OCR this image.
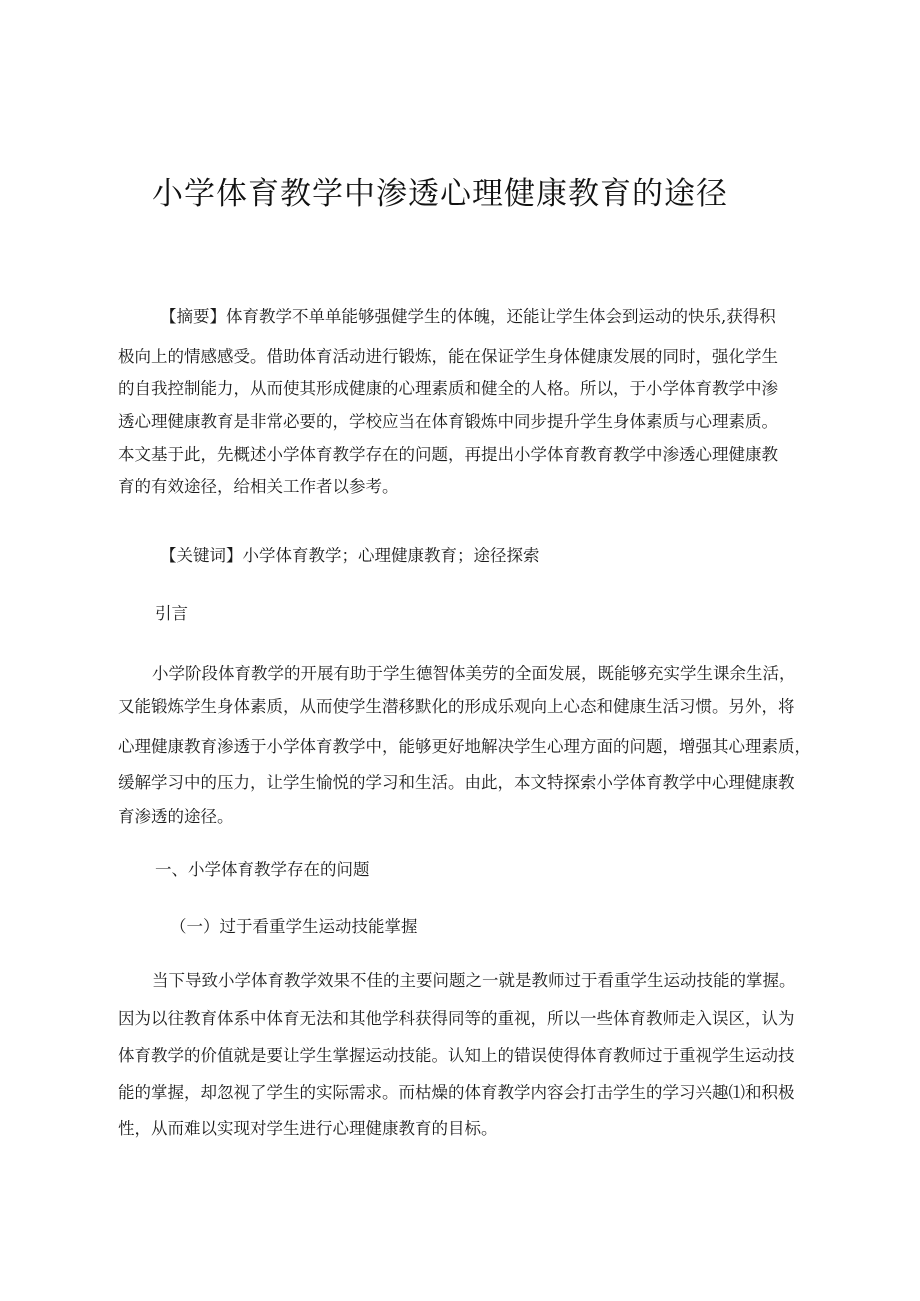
小学体育教学中渗透心理健康教育的途径
【摘要】体育教学不单单能够强健学生的体魄，还能让学生体会到运动的快乐,获得积
极向上的情感感受。借助体育活动进行锻炼，能在保证学生身体健康发展的同时，强化学生
的自我控制能力，从而使其形成健康的心理素质和健全的人格。所以，于小学体育教学中渗
透心理健康教育是非常必要的，学校应当在体育锻炼中同步提升学生身体素质与心理素质。
本文基于此，先概述小学体育教学存在的问题，再提出小学体育教育教学中渗透心理健康教
育的有效途径，给相关工作者以参考。
【关键词】小学体育教学；心理健康教育；途径探索
引言
小学阶段体育教学的开展有助于学生德智体美劳的全面发展，既能够充实学生课余生活，
又能锻炼学生身体素质，从而使学生潜移默化的形成乐观向上心态和健康生活习惯。另外，将
心理健康教育渗透于小学体育教学中，能够更好地解决学生心理方面的问题，增强其心理素质，
缓解学习中的压力，让学生愉悦的学习和生活。由此，本文特探索小学体育教学中心理健康教
育渗透的途径。
一、小学体育教学存在的问题
（一）过于看重学生运动技能掌握
当下导致小学体育教学效果不佳的主要问题之一就是教师过于看重学生运动技能的掌握。
因为以往教育体系中体育无法和其他学科获得同等的重视，所以一些体育教师走入误区，认为
体育教学的价值就是要让学生掌握运动技能。认知上的错误使得体育教师过于重视学生运动技
能的掌握，却忽视了学生的实际需求。而枯燥的体育教学内容会打击学生的学习兴趣⑴和积极
性，从而难以实现对学生进行心理健康教育的目标。
